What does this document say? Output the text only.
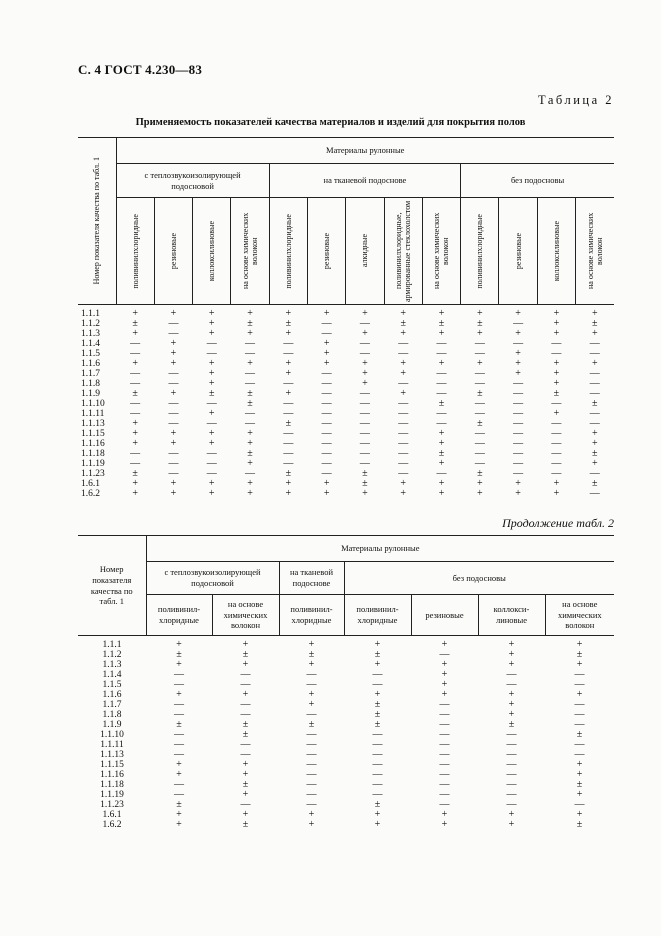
С. 4 ГОСТ 4.230—83
Таблица 2
Применяемость показателей качества материалов и изделий для покрытия полов
Номер показателя качества по табл. 1	Материалы рулонные												
	с теплозвукоизолирующей подосновой				на тканевой подоснове					без подосновы			

	поливинилхлоридные	резиновые	коллоксилиновые	на основе химических волокон	поливинилхлоридные	резиновые	алкидные	поливинилхлоридные, армированные стеклохолстом	на основе химических волокон	поливинилхлоридные	резиновые	коллоксилиновые	на основе химических волокон

1.1.1	+	+	+	+	+	+	+	+	+	+	+	+	+
1.1.2	±	—	+	±	±	—	—	±	±	±	—	+	±
1.1.3	+	—	+	+	+	—	+	+	+	+	+	+	+
1.1.4	—	+	—	—	—	+	—	—	—	—	—	—	—
1.1.5	—	+	—	—	—	+	—	—	—	—	+	—	—
1.1.6	+	+	+	+	+	+	+	+	+	+	+	+	+
1.1.7	—	—	+	—	+	—	+	+	—	—	+	+	—
1.1.8	—	—	+	—	—	—	+	—	—	—	—	+	—
1.1.9	±	+	±	±	+	—	—	+	—	±	—	±	—
1.1.10	—	—	—	±	—	—	—	—	±	—	—	—	±
1.1.11	—	—	+	—	—	—	—	—	—	—	—	+	—
1.1.13	+	—	—	—	±	—	—	—	—	±	—	—	—
1.1.15	+	+	+	+	—	—	—	—	+	—	—	—	+
1.1.16	+	+	+	+	—	—	—	—	+	—	—	—	+
1.1.18	—	—	—	±	—	—	—	—	±	—	—	—	±
1.1.19	—	—	—	+	—	—	—	—	+	—	—	—	+
1.1.23	±	—	—	—	±	—	±	—	—	±	—	—	—
1.6.1	+	+	+	+	+	+	±	+	+	+	+	+	±
1.6.2	+	+	+	+	+	+	+	+	+	+	+	+	—
Продолжение табл. 2
Номер показателя качества по табл. 1	Материалы рулонные						
	с теплозвукоизолирующей подосновой		на тканевой подоснове	без подосновы			

	поливинил-хлоридные	на основе химических волокон	поливинил-хлоридные	поливинил-хлоридные	резиновые	коллокси-линовые	на основе химических волокон

1.1.1	+	+	+	+	+	+	+
1.1.2	±	±	±	±	—	+	±
1.1.3	+	+	+	+	+	+	+
1.1.4	—	—	—	—	+	—	—
1.1.5	—	—	—	—	+	—	—
1.1.6	+	+	+	+	+	+	+
1.1.7	—	—	+	±	—	+	—
1.1.8	—	—	—	±	—	+	—
1.1.9	±	±	±	±	—	±	—
1.1.10	—	±	—	—	—	—	±
1.1.11	—	—	—	—	—	—	—
1.1.13	—	—	—	—	—	—	—
1.1.15	+	+	—	—	—	—	+
1.1.16	+	+	—	—	—	—	+
1.1.18	—	±	—	—	—	—	±
1.1.19	—	+	—	—	—	—	+
1.1.23	±	—	—	±	—	—	—
1.6.1	+	+	+	+	+	+	+
1.6.2	+	±	+	+	+	+	±
